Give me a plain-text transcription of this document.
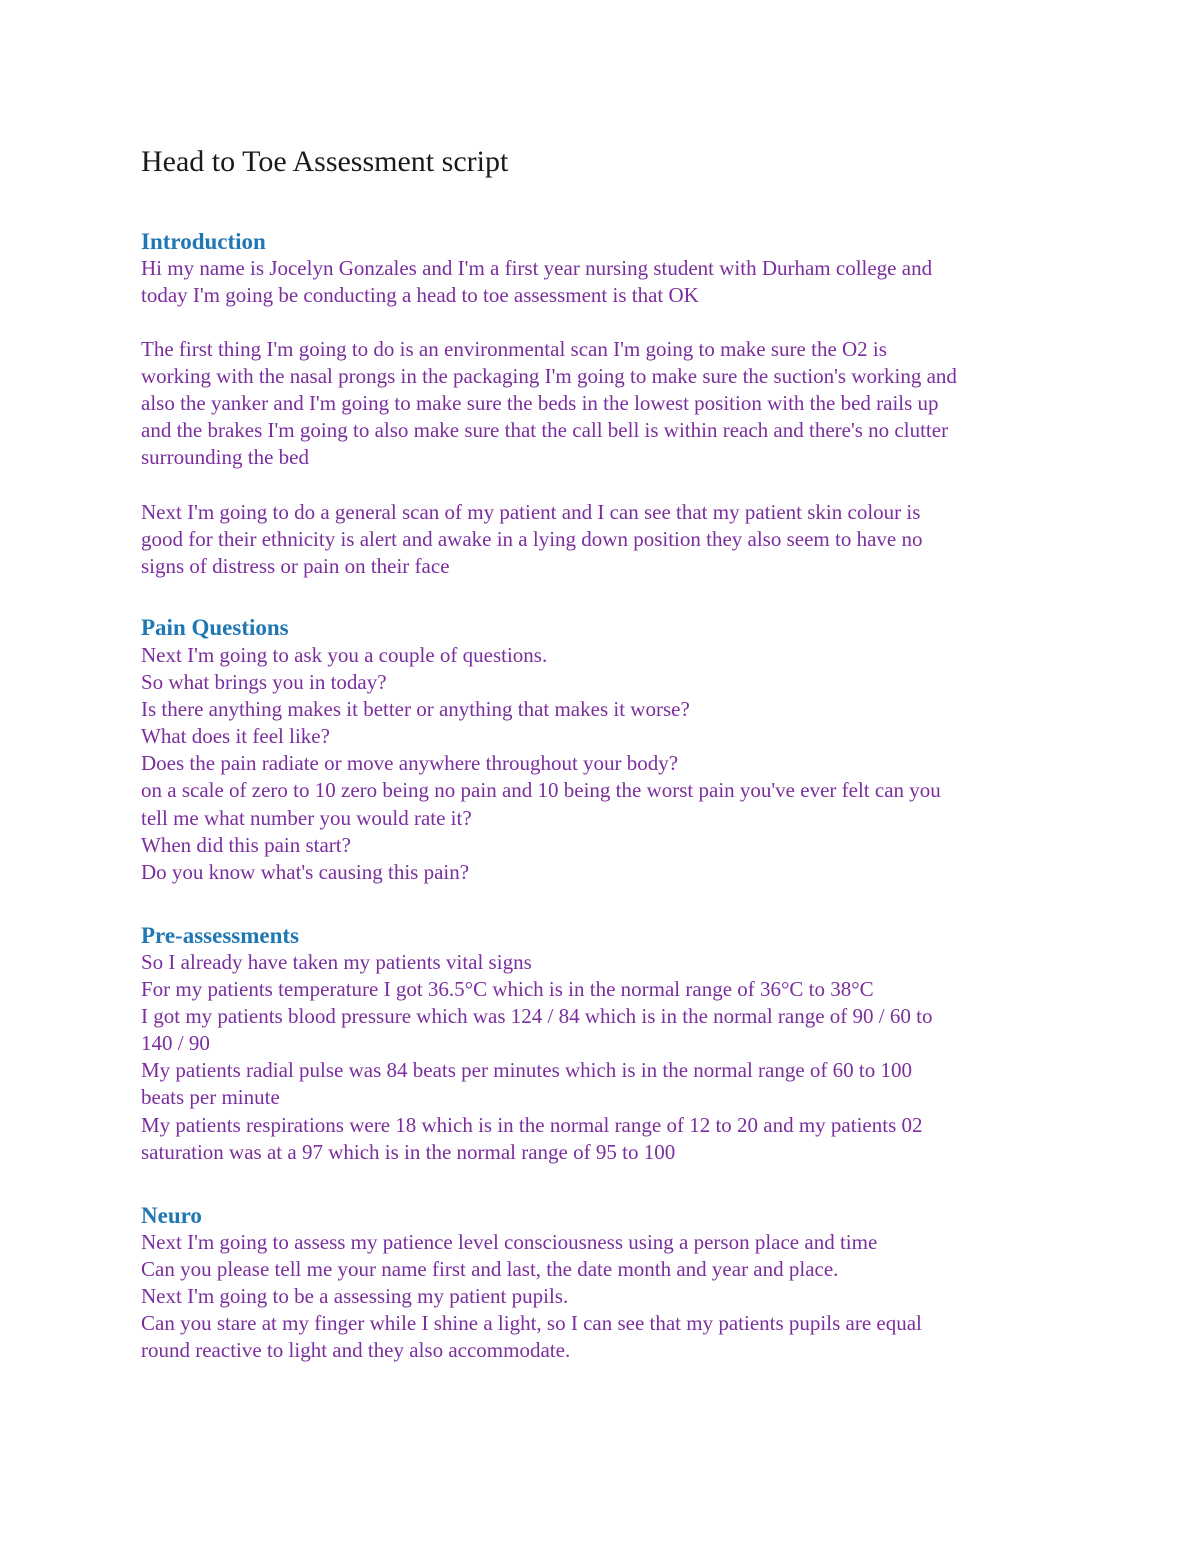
Head to Toe Assessment script
Introduction
Hi my name is Jocelyn Gonzales and I'm a first year nursing student with Durham college and
today I'm going be conducting a head to toe assessment is that OK
The first thing I'm going to do is an environmental scan I'm going to make sure the O2 is
working with the nasal prongs in the packaging I'm going to make sure the suction's working and
also the yanker and I'm going to make sure the beds in the lowest position with the bed rails up
and the brakes I'm going to also make sure that the call bell is within reach and there's no clutter
surrounding the bed
Next I'm going to do a general scan of my patient and I can see that my patient skin colour is
good for their ethnicity is alert and awake in a lying down position they also seem to have no
signs of distress or pain on their face
Pain Questions
Next I'm going to ask you a couple of questions.
So what brings you in today?
Is there anything makes it better or anything that makes it worse?
What does it feel like?
Does the pain radiate or move anywhere throughout your body?
on a scale of zero to 10 zero being no pain and 10 being the worst pain you've ever felt can you
tell me what number you would rate it?
When did this pain start?
Do you know what's causing this pain?
Pre-assessments
So I already have taken my patients vital signs
For my patients temperature I got 36.5°C which is in the normal range of 36°C to 38°C
I got my patients blood pressure which was 124 / 84 which is in the normal range of 90 / 60 to
140 / 90
My patients radial pulse was 84 beats per minutes which is in the normal range of 60 to 100
beats per minute
My patients respirations were 18 which is in the normal range of 12 to 20 and my patients 02
saturation was at a 97 which is in the normal range of 95 to 100
Neuro
Next I'm going to assess my patience level consciousness using a person place and time
Can you please tell me your name first and last, the date month and year and place.
Next I'm going to be a assessing my patient pupils.
Can you stare at my finger while I shine a light, so I can see that my patients pupils are equal
round reactive to light and they also accommodate.
